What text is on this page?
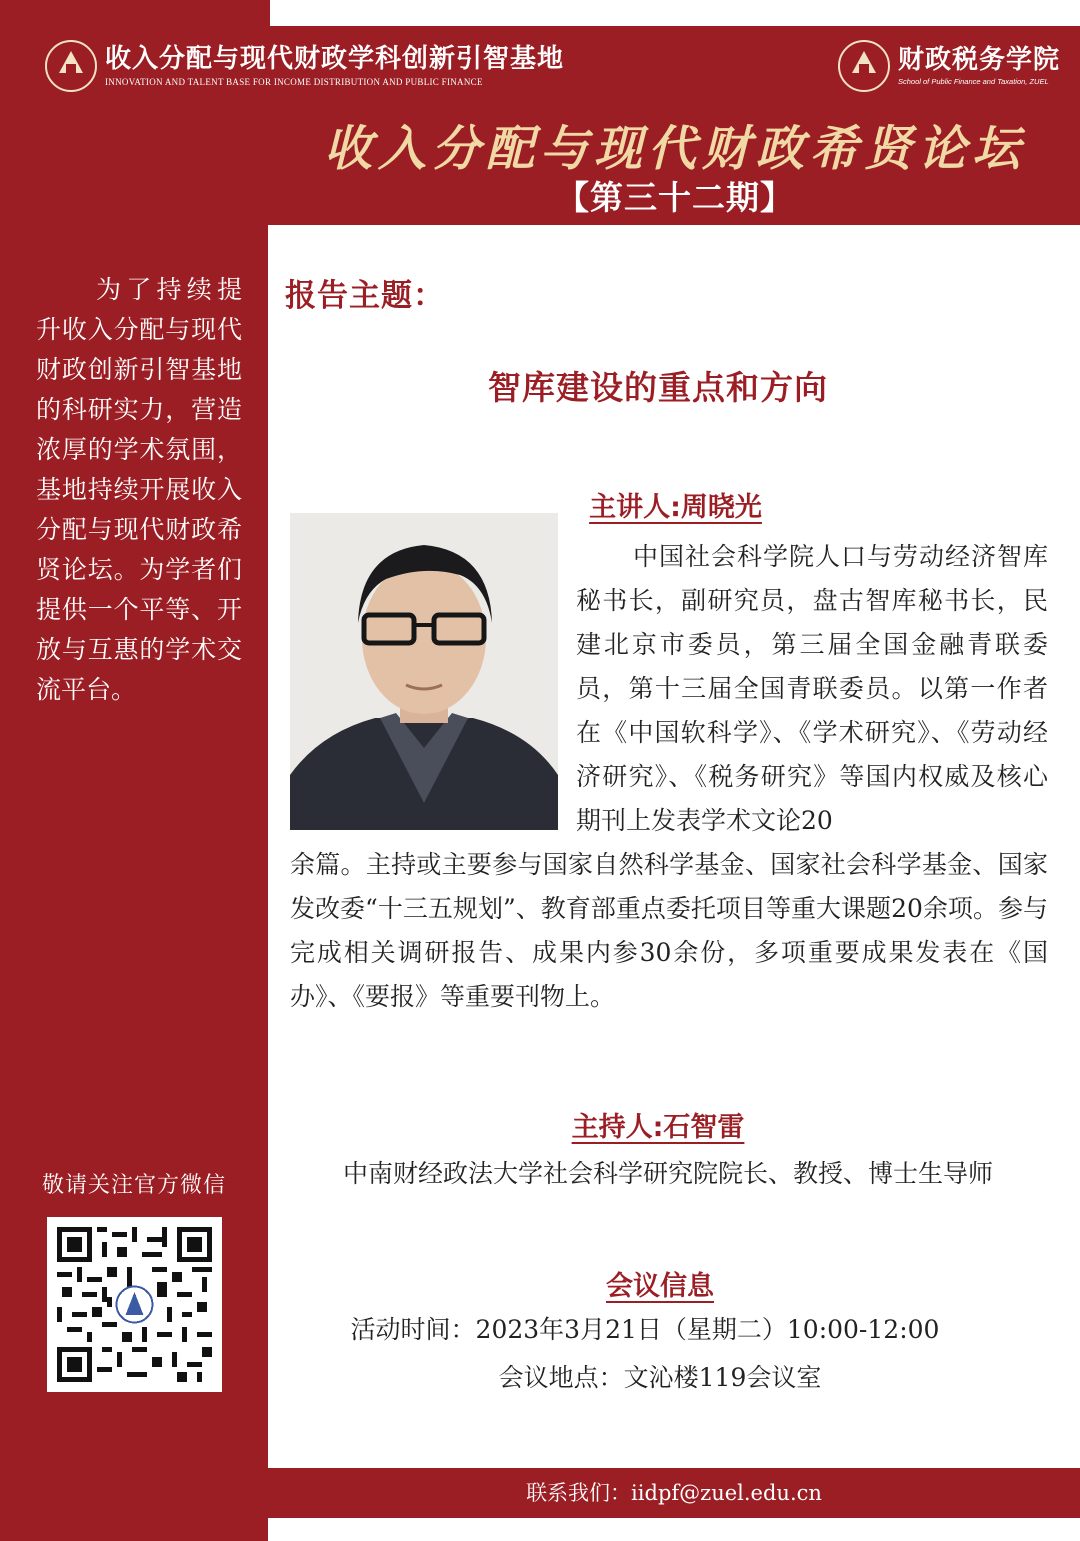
收入分配与现代财政学科创新引智基地
INNOVATION AND TALENT BASE FOR INCOME DISTRIBUTION AND PUBLIC FINANCE
财政税务学院
School of Public Finance and Taxation, ZUEL
收入分配与现代财政希贤论坛
【第三十二期】

为了持续提升收入分配与现代财政创新引智基地的科研实力，营造浓厚的学术氛围，基地持续开展收入分配与现代财政希贤论坛。为学者们提供一个平等、开放与互惠的学术交流平台。

敬请关注官方微信
报告主题：
智库建设的重点和方向
主讲人:周晓光

中国社会科学院人口与劳动经济智库秘书长，副研究员，盘古智库秘书长，民建北京市委员，第三届全国金融青联委员，第十三届全国青联委员。以第一作者在《中国软科学》、《学术研究》、《劳动经济研究》、《税务研究》等国内权威及核心期刊上发表学术文论20

余篇。主持或主要参与国家自然科学基金、国家社会科学基金、国家发改委“十三五规划”、教育部重点委托项目等重大课题20余项。参与完成相关调研报告、成果内参30余份，多项重要成果发表在《国办》、《要报》等重要刊物上。

主持人:石智雷
中南财经政法大学社会科学研究院院长、教授、博士生导师
会议信息
活动时间：2023年3月21日（星期二）10:00-12:00
会议地点：文沁楼119会议室
联系我们：iidpf@zuel.edu.cn
